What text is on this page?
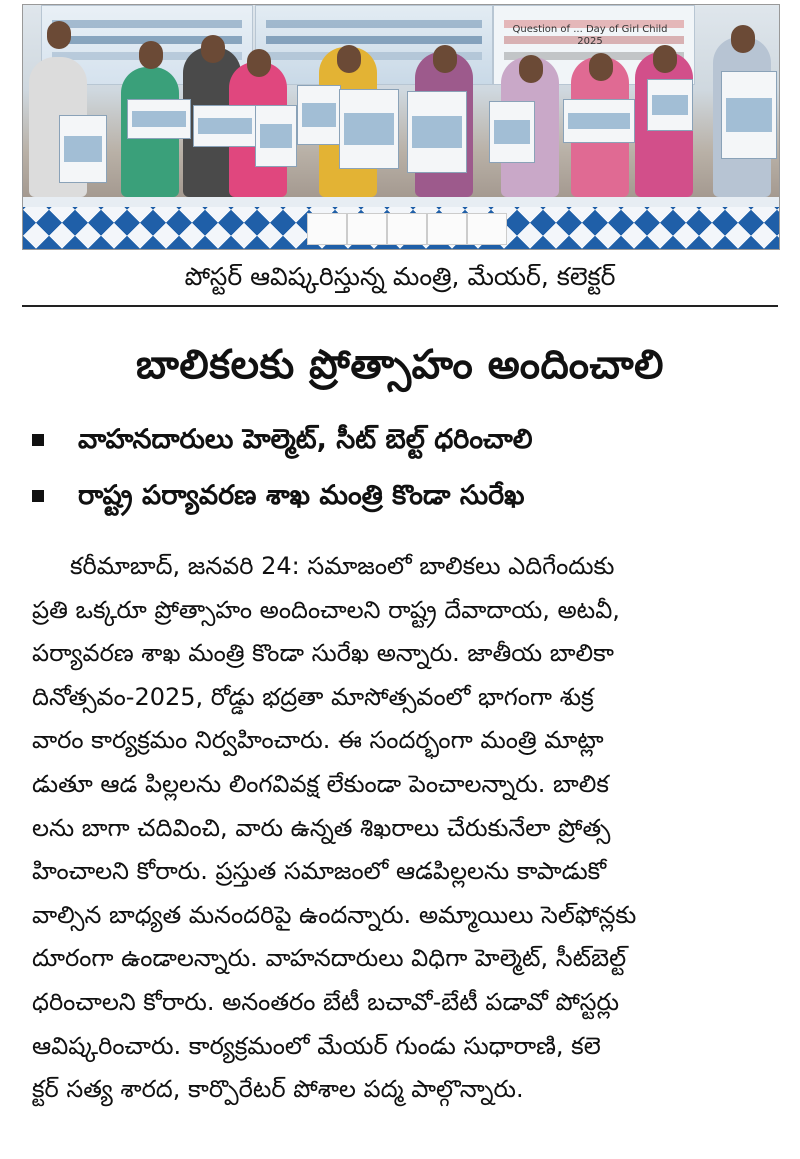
పోస్టర్ ఆవిష్కరిస్తున్న మంత్రి, మేయర్, కలెక్టర్
బాలికలకు ప్రోత్సాహం అందించాలి
వాహనదారులు హెల్మెట్, సీట్ బెల్ట్ ధరించాలి
రాష్ట్ర పర్యావరణ శాఖ మంత్రి కొండా సురేఖ
కరీమాబాద్, జనవరి 24: సమాజంలో బాలికలు ఎదిగేందుకు
ప్రతి ఒక్కరూ ప్రోత్సాహం అందించాలని రాష్ట్ర దేవాదాయ, అటవీ,
పర్యావరణ శాఖ మంత్రి కొండా సురేఖ అన్నారు. జాతీయ బాలికా
దినోత్సవం-2025, రోడ్డు భద్రతా మాసోత్సవంలో భాగంగా శుక్ర
వారం కార్యక్రమం నిర్వహించారు. ఈ సందర్భంగా మంత్రి మాట్లా
డుతూ ఆడ పిల్లలను లింగవివక్ష లేకుండా పెంచాలన్నారు. బాలిక
లను బాగా చదివించి, వారు ఉన్నత శిఖరాలు చేరుకునేలా ప్రోత్స
హించాలని కోరారు. ప్రస్తుత సమాజంలో ఆడపిల్లలను కాపాడుకో
వాల్సిన బాధ్యత మనందరిపై ఉందన్నారు. అమ్మాయిలు సెల్‌ఫోన్లకు
దూరంగా ఉండాలన్నారు. వాహనదారులు విధిగా హెల్మెట్, సీట్‌బెల్ట్
ధరించాలని కోరారు. అనంతరం బేటీ బచావో-బేటీ పడావో పోస్టర్లు
ఆవిష్కరించారు. కార్యక్రమంలో మేయర్ గుండు సుధారాణి, కలె
క్టర్ సత్య శారద, కార్పొరేటర్ పోశాల పద్మ పాల్గొన్నారు.
Question of ... Day of Girl Child 2025
